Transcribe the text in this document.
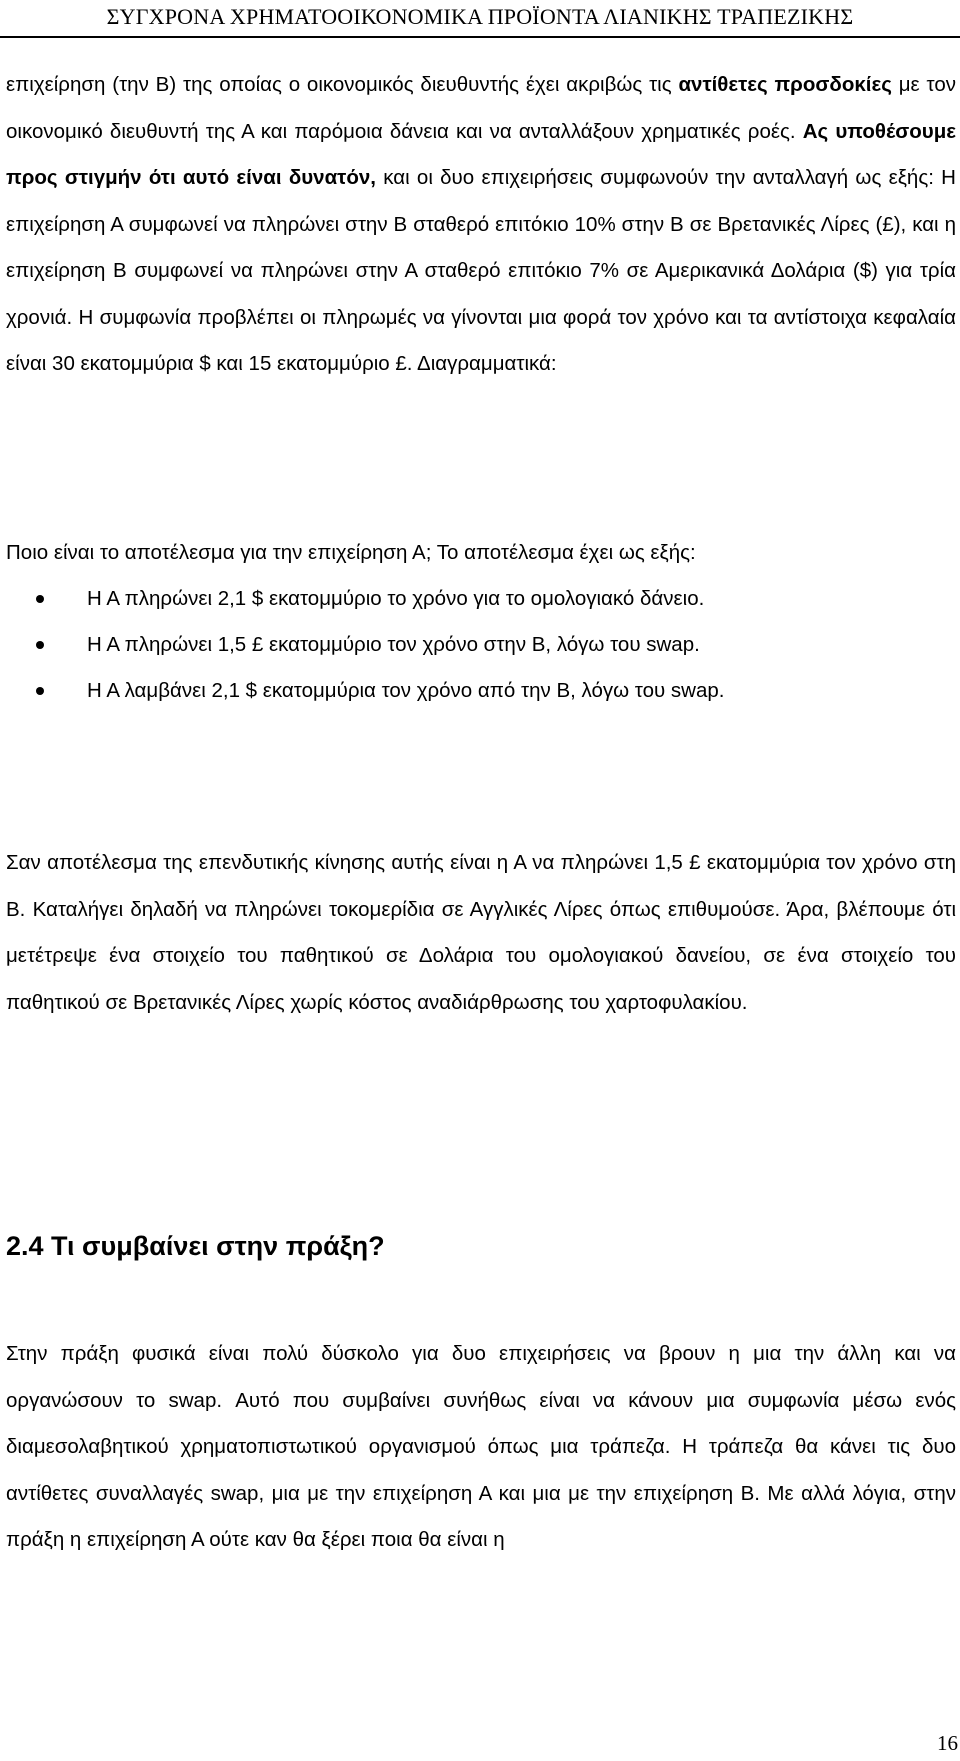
ΣΥΓΧΡΟΝΑ ΧΡΗΜΑΤΟΟΙΚΟΝΟΜΙΚΑ ΠΡΟΪΟΝΤΑ ΛΙΑΝΙΚΗΣ ΤΡΑΠΕΖΙΚΗΣ

επιχείρηση (την Β) της οποίας ο οικονομικός διευθυντής έχει ακριβώς τις αντίθετες προσδοκίες με τον οικονομικό διευθυντή της Α και παρόμοια δάνεια και να ανταλλάξουν χρηματικές ροές. Ας υποθέσουμε προς στιγμήν ότι αυτό είναι δυνατόν, και οι δυο επιχειρήσεις συμφωνούν την ανταλλαγή ως εξής: Η επιχείρηση Α συμφωνεί να πληρώνει στην Β σταθερό επιτόκιο 10% στην Β σε Βρετανικές Λίρες (£), και η επιχείρηση Β συμφωνεί να πληρώνει στην Α σταθερό επιτόκιο 7% σε Αμερικανικά Δολάρια ($) για τρία χρονιά. Η συμφωνία προβλέπει οι πληρωμές να γίνονται μια φορά τον χρόνο και τα αντίστοιχα κεφαλαία είναι 30 εκατομμύρια $ και 15 εκατομμύριο £. Διαγραμματικά:

Ποιο είναι το αποτέλεσμα για την επιχείρηση Α; Το αποτέλεσμα έχει ως εξής:

Η Α πληρώνει 2,1 $ εκατομμύριο το χρόνο για το ομολογιακό δάνειο.
Η Α πληρώνει 1,5 £ εκατομμύριο τον χρόνο στην Β, λόγω του swap.
Η Α λαμβάνει 2,1 $ εκατομμύρια τον χρόνο από την Β, λόγω του swap.

Σαν αποτέλεσμα της επενδυτικής κίνησης αυτής είναι η Α να πληρώνει 1,5 £ εκατομμύρια τον χρόνο στη Β. Καταλήγει δηλαδή να πληρώνει τοκομερίδια σε Αγγλικές Λίρες όπως επιθυμούσε. Άρα, βλέπουμε ότι μετέτρεψε ένα στοιχείο του παθητικού σε Δολάρια του ομολογιακού δανείου, σε ένα στοιχείο του παθητικού σε Βρετανικές Λίρες χωρίς κόστος αναδιάρθρωσης του χαρτοφυλακίου.

2.4 Τι συμβαίνει στην πράξη?

Στην πράξη φυσικά είναι πολύ δύσκολο για δυο επιχειρήσεις να βρουν η μια την άλλη και να οργανώσουν το swap. Αυτό που συμβαίνει συνήθως είναι να κάνουν μια συμφωνία μέσω ενός διαμεσολαβητικού χρηματοπιστωτικού οργανισμού όπως μια τράπεζα. Η τράπεζα θα κάνει τις δυο αντίθετες συναλλαγές swap, μια με την επιχείρηση Α και μια με την επιχείρηση Β. Με αλλά λόγια, στην πράξη η επιχείρηση Α ούτε καν θα ξέρει ποια θα είναι η

16
